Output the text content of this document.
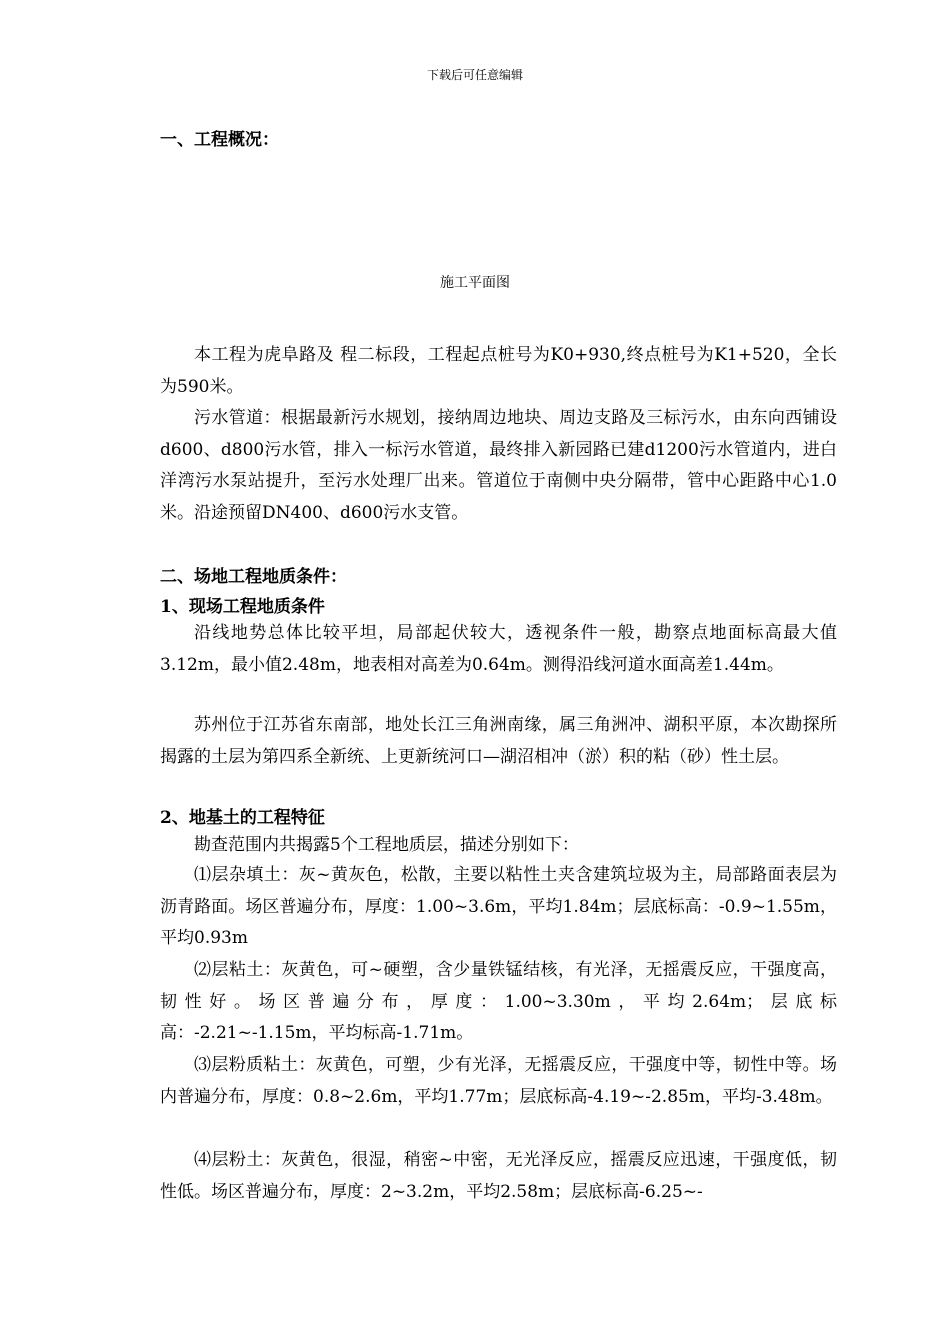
下载后可任意编辑
一、工程概况：
施工平面图

本工程为虎阜路及 程二标段，工程起点桩号为K0+930,终点桩号为K1+520，全长为590米。

污水管道：根据最新污水规划，接纳周边地块、周边支路及三标污水，由东向西铺设d600、d800污水管，排入一标污水管道，最终排入新园路已建d1200污水管道内，进白洋湾污水泵站提升，至污水处理厂出来。管道位于南侧中央分隔带，管中心距路中心1.0米。沿途预留DN400、d600污水支管。

二、场地工程地质条件：
1、现场工程地质条件

沿线地势总体比较平坦，局部起伏较大，透视条件一般，勘察点地面标高最大值3.12m，最小值2.48m，地表相对高差为0.64m。测得沿线河道水面高差1.44m。

苏州位于江苏省东南部，地处长江三角洲南缘，属三角洲冲、湖积平原，本次勘探所揭露的土层为第四系全新统、上更新统河口—湖沼相冲（淤）积的粘（砂）性土层。

2、地基土的工程特征

勘查范围内共揭露5个工程地质层，描述分别如下：

⑴层杂填土：灰~黄灰色，松散，主要以粘性土夹含建筑垃圾为主，局部路面表层为沥青路面。场区普遍分布，厚度：1.00~3.6m，平均1.84m；层底标高：-0.9~1.55m，平均0.93m

⑵层粘土：灰黄色，可~硬塑，含少量铁锰结核，有光泽，无摇震反应，干强度高，韧性好。场区普遍分布，厚度：1.00~3.30m，平均2.64m；层底标高：-2.21~-1.15m，平均标高-1.71m。

⑶层粉质粘土：灰黄色，可塑，少有光泽，无摇震反应，干强度中等，韧性中等。场内普遍分布，厚度：0.8~2.6m，平均1.77m；层底标高-4.19~-2.85m，平均-3.48m。

⑷层粉土：灰黄色，很湿，稍密~中密，无光泽反应，摇震反应迅速，干强度低，韧性低。场区普遍分布，厚度：2~3.2m，平均2.58m；层底标高-6.25~-
